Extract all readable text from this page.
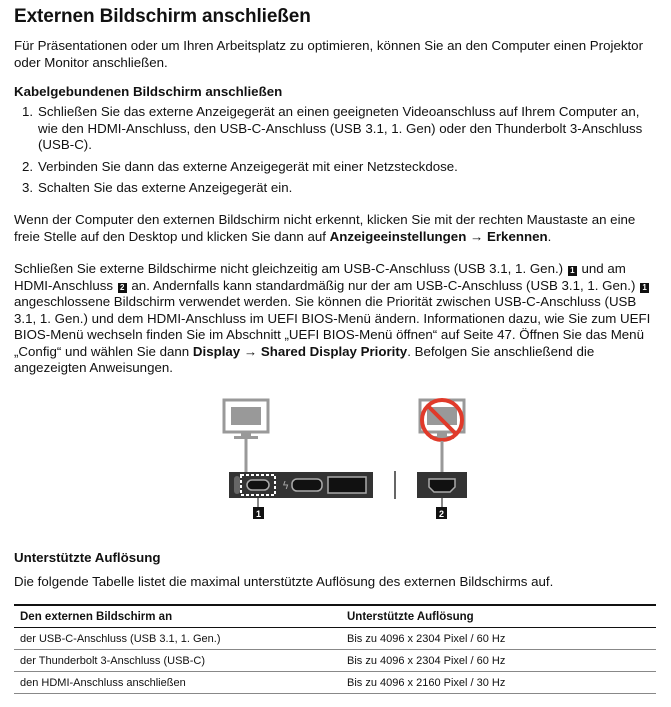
Externen Bildschirm anschließen

Für Präsentationen oder um Ihren Arbeitsplatz zu optimieren, können Sie an den Computer einen Projektor oder Monitor anschließen.

Kabelgebundenen Bildschirm anschließen
1. Schließen Sie das externe Anzeigegerät an einen geeigneten Videoanschluss auf Ihrem Computer an, wie den HDMI-Anschluss, den USB-C-Anschluss (USB 3.1, 1. Gen) oder den Thunderbolt 3-Anschluss (USB-C).
2. Verbinden Sie dann das externe Anzeigegerät mit einer Netzsteckdose.
3. Schalten Sie das externe Anzeigegerät ein.

Wenn der Computer den externen Bildschirm nicht erkennt, klicken Sie mit der rechten Maustaste an eine freie Stelle auf den Desktop und klicken Sie dann auf Anzeigeeinstellungen → Erkennen.

Schließen Sie externe Bildschirme nicht gleichzeitig am USB-C-Anschluss (USB 3.1, 1. Gen.) 1 und am HDMI-Anschluss 2 an. Andernfalls kann standardmäßig nur der am USB-C-Anschluss (USB 3.1, 1. Gen.) 1 angeschlossene Bildschirm verwendet werden. Sie können die Priorität zwischen USB-C-Anschluss (USB 3.1, 1. Gen.) und dem HDMI-Anschluss im UEFI BIOS-Menü ändern. Informationen dazu, wie Sie zum UEFI BIOS-Menü wechseln finden Sie im Abschnitt „UEFI BIOS-Menü öffnen“ auf Seite 47. Öffnen Sie das Menü „Config“ und wählen Sie dann Display → Shared Display Priority. Befolgen Sie anschließend die angezeigten Anweisungen.

ϟ
1	2
Unterstützte Auflösung

Die folgende Tabelle listet die maximal unterstützte Auflösung des externen Bildschirms auf.

Den externen Bildschirm an	Unterstützte Auflösung
der USB-C-Anschluss (USB 3.1, 1. Gen.)	Bis zu 4096 x 2304 Pixel / 60 Hz
der Thunderbolt 3-Anschluss (USB-C)	Bis zu 4096 x 2304 Pixel / 60 Hz
den HDMI-Anschluss anschließen	Bis zu 4096 x 2160 Pixel / 30 Hz
